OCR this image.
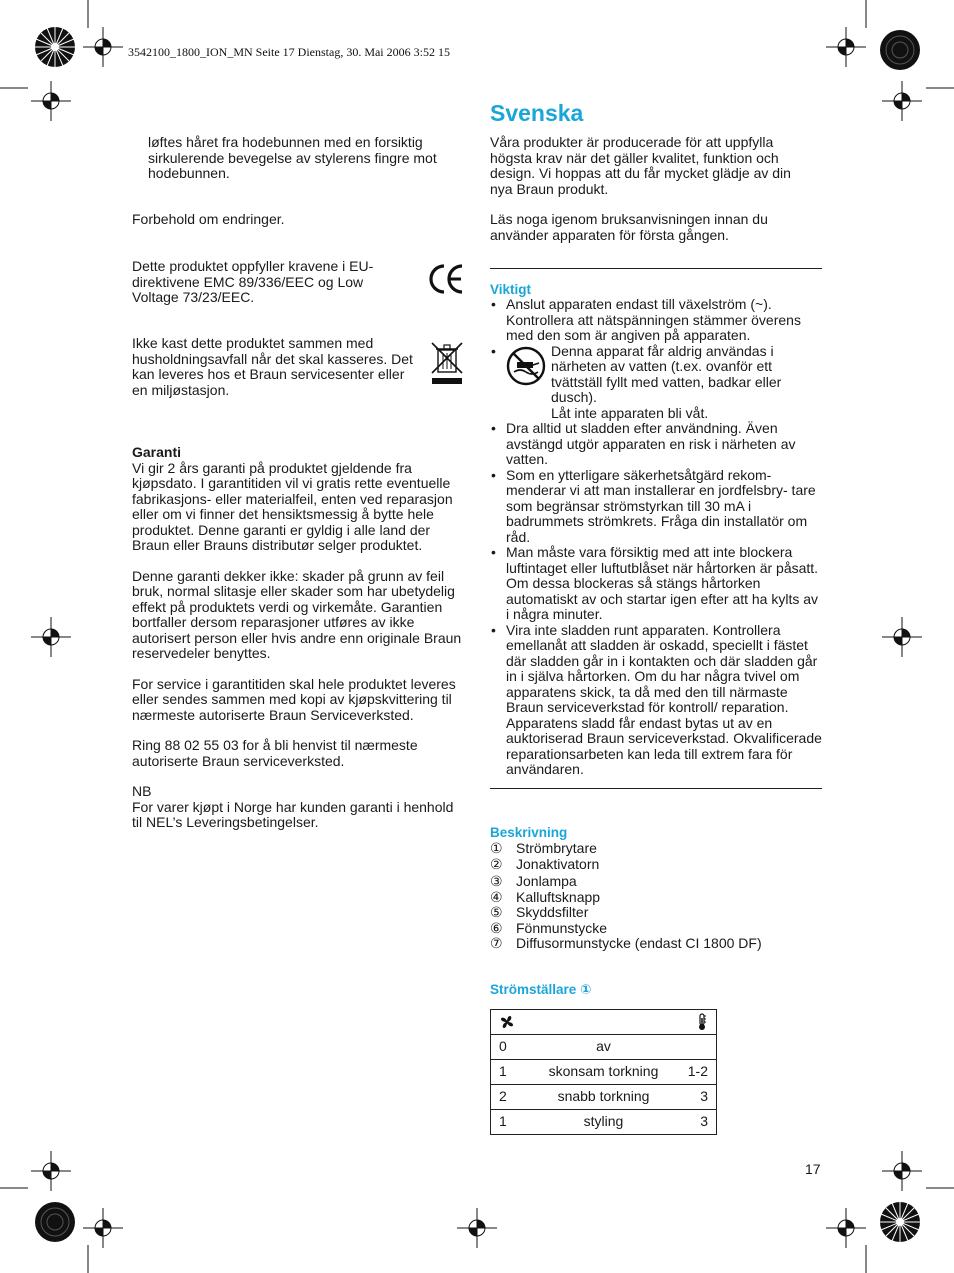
3542100_1800_ION_MN Seite 17 Dienstag, 30. Mai 2006 3:52 15

løftes håret fra hodebunnen med en forsiktig sirkulerende bevegelse av stylerens fingre mot hodebunnen.

Forbehold om endringer.

Dette produktet oppfyller kravene i EU-direktivene EMC 89/336/EEC og Low Voltage 73/23/EEC.

Ikke kast dette produktet sammen med husholdningsavfall når det skal kasseres. Det kan leveres hos et Braun servicesenter eller en miljøstasjon.

Garanti

Vi gir 2 års garanti på produktet gjeldende fra kjøpsdato. I garantitiden vil vi gratis rette eventuelle fabrikasjons- eller materialfeil, enten ved reparasjon eller om vi finner det hensiktsmessig å bytte hele produktet. Denne garanti er gyldig i alle land der Braun eller Brauns distributør selger produktet.

Denne garanti dekker ikke: skader på grunn av feil bruk, normal slitasje eller skader som har ubetydelig effekt på produktets verdi og virkemåte. Garantien bortfaller dersom reparasjoner utføres av ikke autorisert person eller hvis andre enn originale Braun reservedeler benyttes.

For service i garantitiden skal hele produktet leveres eller sendes sammen med kopi av kjøpskvittering til nærmeste autoriserte Braun Serviceverksted.

Ring 88 02 55 03 for å bli henvist til nærmeste autoriserte Braun serviceverksted.

NB

For varer kjøpt i Norge har kunden garanti i henhold til NEL’s Leveringsbetingelser.

Svenska

Våra produkter är producerade för att uppfylla högsta krav när det gäller kvalitet, funktion och design. Vi hoppas att du får mycket glädje av din nya Braun produkt.

Läs noga igenom bruksanvisningen innan du använder apparaten för första gången.

Viktigt
• Anslut apparaten endast till växelström (~). Kontrollera att nätspänningen stämmer överens med den som är angiven på apparaten.
• Denna apparat får aldrig användas i närheten av vatten (t.ex. ovanför ett tvättställ fyllt med vatten, badkar eller dusch).
Låt inte apparaten bli våt.
• Dra alltid ut sladden efter användning. Även avstängd utgör apparaten en risk i närheten av vatten.
• Som en ytterligare säkerhetsåtgärd rekom- menderar vi att man installerar en jordfelsbry- tare som begränsar strömstyrkan till 30 mA i badrummets strömkrets. Fråga din installatör om råd.
• Man måste vara försiktig med att inte blockera luftintaget eller luftutblåset när hårtorken är påsatt. Om dessa blockeras så stängs hårtorken automatiskt av och startar igen efter att ha kylts av i några minuter.
• Vira inte sladden runt apparaten. Kontrollera emellanåt att sladden är oskadd, speciellt i fästet där sladden går in i kontakten och där sladden går in i själva hårtorken. Om du har några tvivel om apparatens skick, ta då med den till närmaste Braun serviceverkstad för kontroll/ reparation. Apparatens sladd får endast bytas ut av en auktoriserad Braun serviceverkstad. Okvalificerade reparationsarbeten kan leda till extrem fara för användaren.
Beskrivning
① Strömbrytare
② Jonaktivatorn
③ Jonlampa
④ Kalluftsknapp
⑤ Skyddsfilter
⑥ Fönmunstycke
⑦ Diffusormunstycke (endast CI 1800 DF)
Strömställare ①

0	av

1	skonsam torkning	1-2

2	snabb torkning	3

1	styling	3
17
